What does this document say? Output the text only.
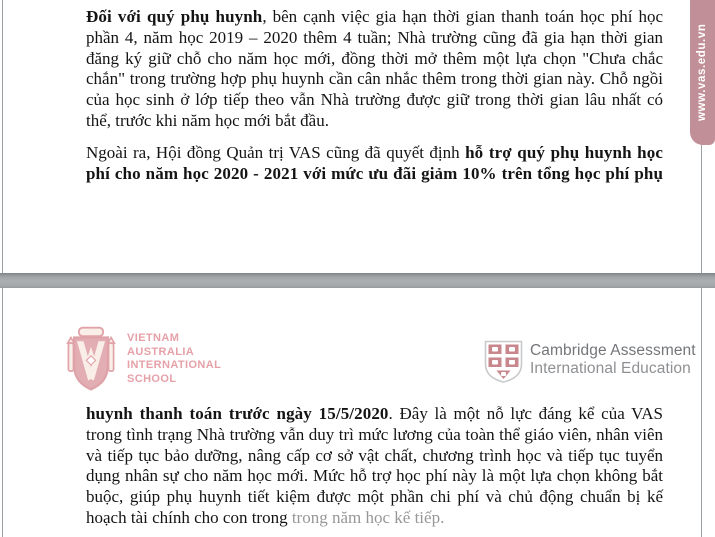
Đối với quý phụ huynh, bên cạnh việc gia hạn thời gian thanh toán học phí học phần 4, năm học 2019 – 2020 thêm 4 tuần; Nhà trường cũng đã gia hạn thời gian đăng ký giữ chỗ cho năm học mới, đồng thời mở thêm một lựa chọn "Chưa chắc chắn" trong trường hợp phụ huynh cần cân nhắc thêm trong thời gian này. Chỗ ngồi của học sinh ở lớp tiếp theo vẫn Nhà trường được giữ trong thời gian lâu nhất có thể, trước khi năm học mới bắt đầu.

Ngoài ra, Hội đồng Quản trị VAS cũng đã quyết định hỗ trợ quý phụ huynh học phí cho năm học 2020 - 2021 với mức ưu đãi giảm 10% trên tổng học phí phụ

VIETNAM
AUSTRALIA
INTERNATIONAL
SCHOOL
Cambridge Assessment
International Education

huynh thanh toán trước ngày 15/5/2020. Đây là một nỗ lực đáng kể của VAS trong tình trạng Nhà trường vẫn duy trì mức lương của toàn thể giáo viên, nhân viên và tiếp tục bảo dưỡng, nâng cấp cơ sở vật chất, chương trình học và tiếp tục tuyển dụng nhân sự cho năm học mới. Mức hỗ trợ học phí này là một lựa chọn không bắt buộc, giúp phụ huynh tiết kiệm được một phần chi phí và chủ động chuẩn bị kế hoạch tài chính cho con trong trong năm học kế tiếp.

www.vas.edu.vn
